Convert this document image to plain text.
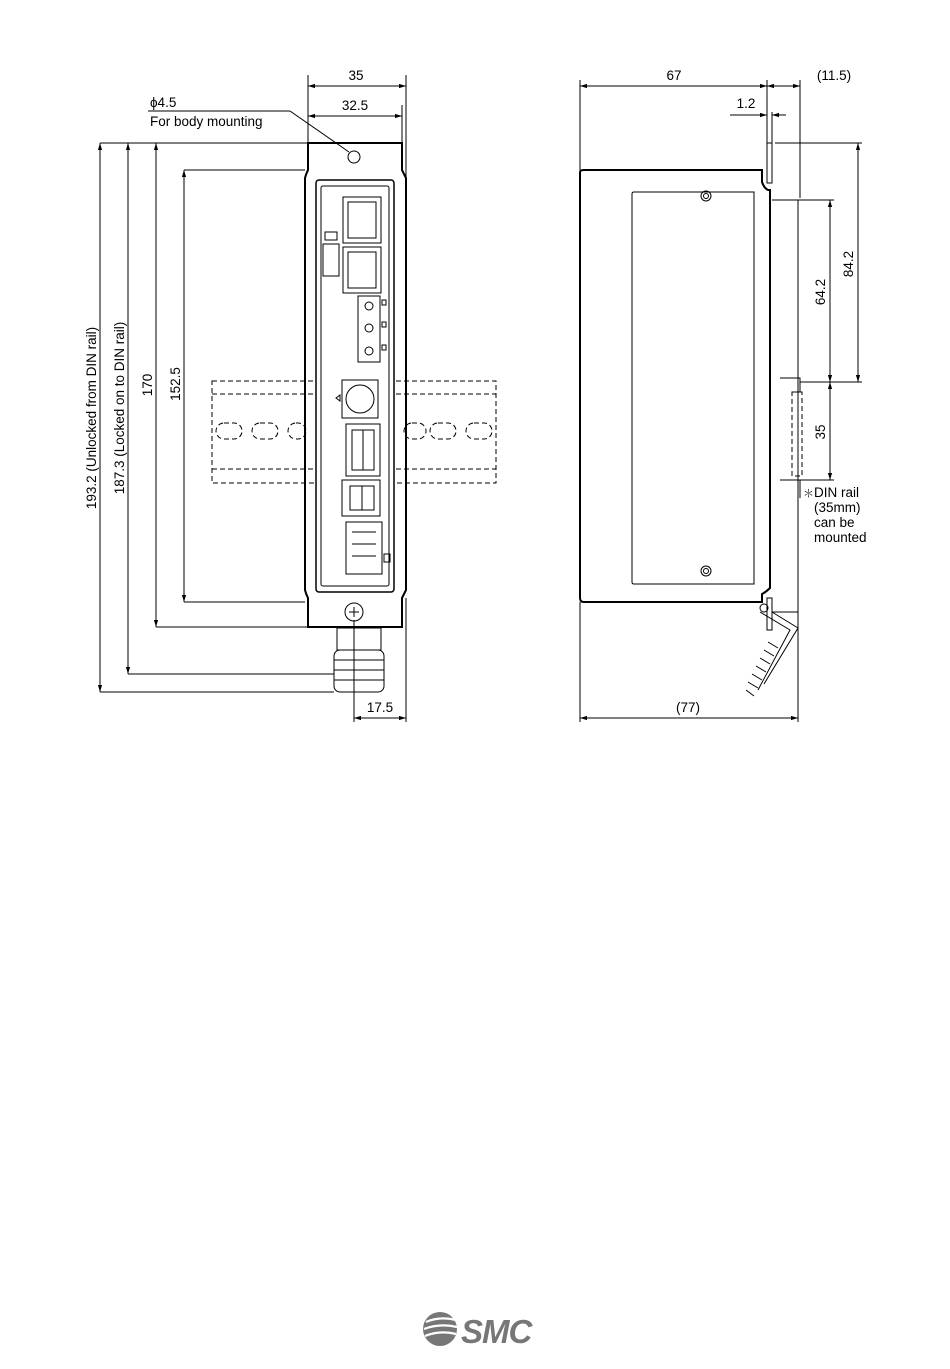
35
32.5
ϕ4.5
For body mounting
193.2 (Unlocked from DIN rail) 187.3 (Locked on to DIN rail) 170 152.5
17.5
67	(11.5)
1.2
84.2
64.2
35
＊ DIN rail
(35mm)
can be
mounted
(77)
SMC
